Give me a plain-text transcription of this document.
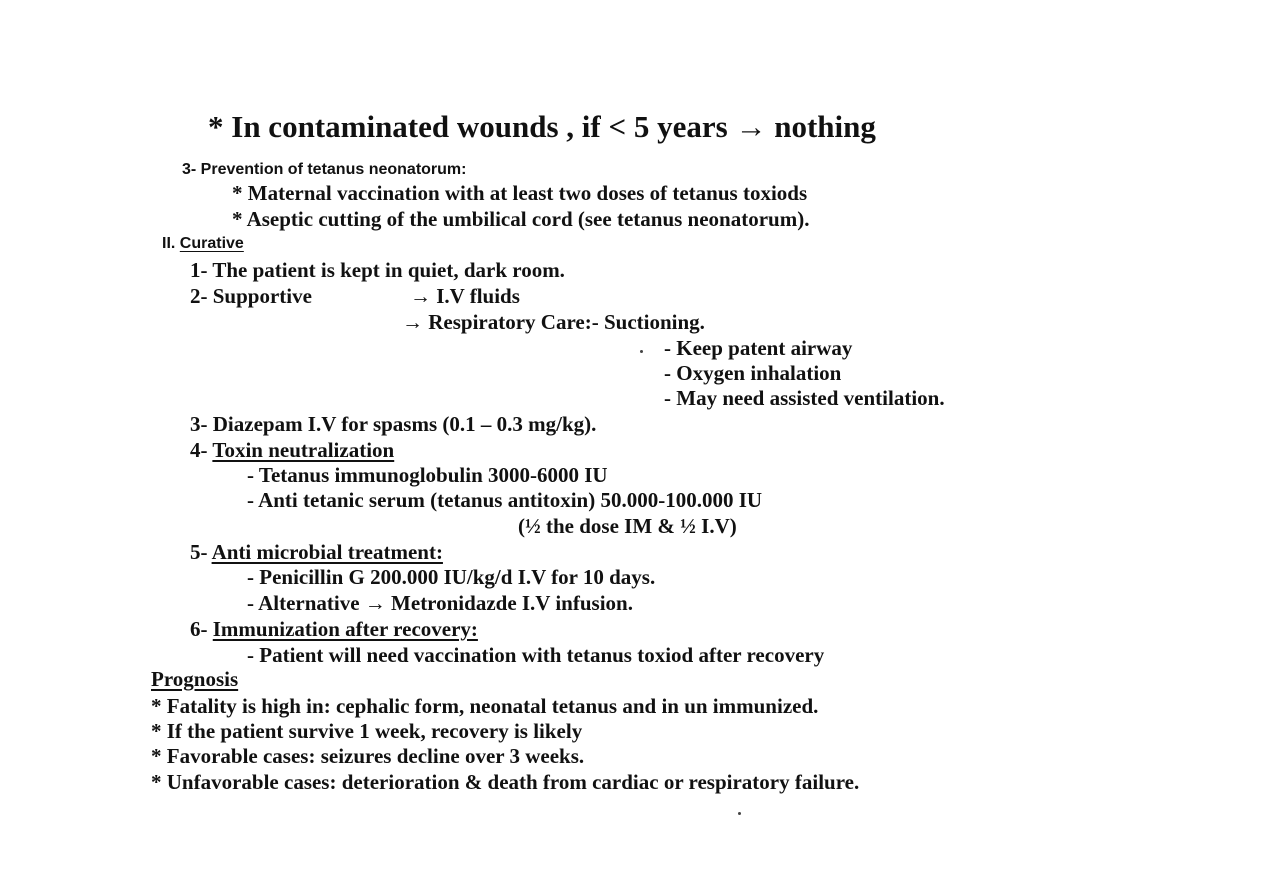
* In contaminated wounds , if < 5 years → nothing
3- Prevention of tetanus neonatorum:
* Maternal vaccination with at least two doses of tetanus toxiods
* Aseptic cutting of the umbilical cord (see tetanus neonatorum).
II. Curative
1- The patient is kept in quiet, dark room.
2- Supportive	→ I.V fluids
→ Respiratory Care:- Suctioning.
- Keep patent airway
- Oxygen inhalation
- May need assisted ventilation.
3- Diazepam I.V for spasms (0.1 – 0.3 mg/kg).
4- Toxin neutralization
- Tetanus immunoglobulin 3000-6000 IU
- Anti tetanic serum (tetanus antitoxin) 50.000-100.000 IU
(½ the dose IM & ½ I.V)
5- Anti microbial treatment:
- Penicillin G 200.000 IU/kg/d I.V for 10 days.
- Alternative → Metronidazde I.V infusion.
6- Immunization after recovery:
- Patient will need vaccination with tetanus toxiod after recovery
Prognosis
* Fatality is high in: cephalic form, neonatal tetanus and in un immunized.
* If the patient survive 1 week, recovery is likely
* Favorable cases: seizures decline over 3 weeks.
* Unfavorable cases: deterioration & death from cardiac or respiratory failure.
